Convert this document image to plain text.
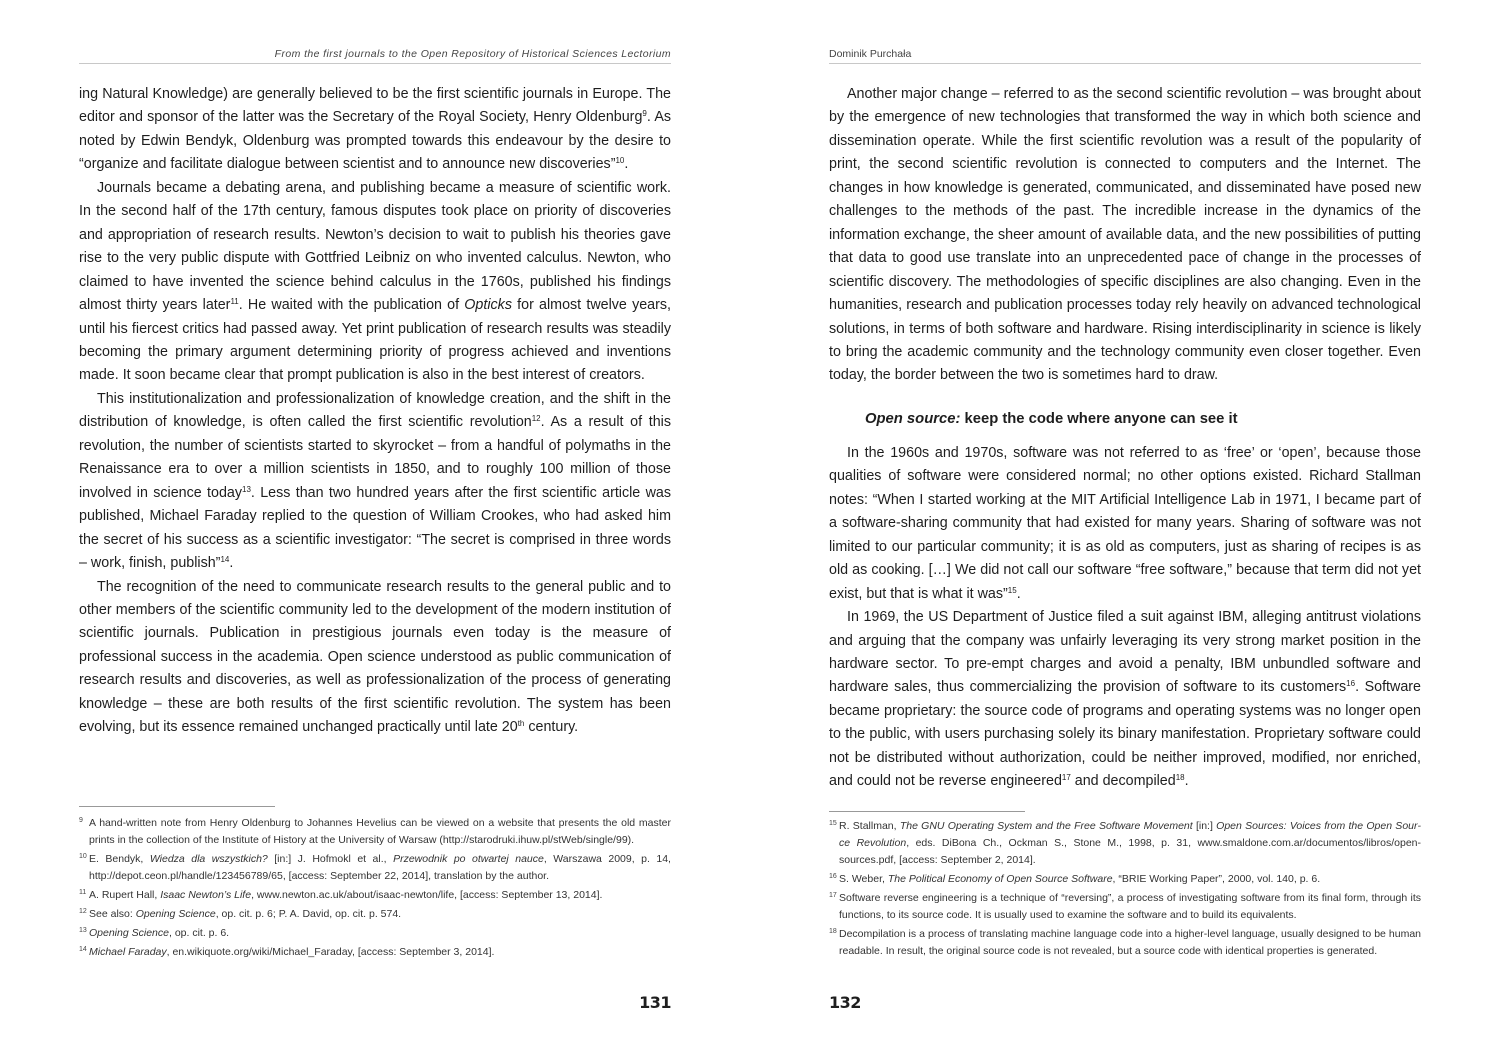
From the first journals to the Open Repository of Historical Sciences Lectorium

ing Natural Knowledge) are generally believed to be the first scientific journals in Europe. The editor and sponsor of the latter was the Secretary of the Royal Society, Henry Oldenburg$^9$. As noted by Edwin Bendyk, Oldenburg was prompted towards this endeavour by the desire to “organize and facilitate dialogue between scientist and to announce new discoveries”$^{10}$.

Journals became a debating arena, and publishing became a measure of scientific work. In the second half of the 17th century, famous disputes took place on priority of discoveries and appropriation of research results. Newton’s decision to wait to publish his theories gave rise to the very public dispute with Gottfried Leibniz on who invented calculus. Newton, who claimed to have invented the science behind calculus in the 1760s, published his findings almost thirty years later$^{11}$. He waited with the publication of Opticks for almost twelve years, until his fiercest critics had passed away. Yet print publication of research results was steadily becoming the primary argument determining priority of progress achieved and inventions made. It soon became clear that prompt publication is also in the best interest of creators.

This institutionalization and professionalization of knowledge creation, and the shift in the distribution of knowledge, is often called the first scientific revolution$^{12}$. As a result of this revolution, the number of scientists started to skyrocket – from a handful of polymaths in the Renaissance era to over a million scientists in 1850, and to roughly 100 million of those involved in science today$^{13}$. Less than two hundred years after the first scientific article was published, Michael Faraday replied to the question of William Crookes, who had asked him the secret of his success as a scientific investigator: “The secret is comprised in three words – work, finish, publish”$^{14}$.

The recognition of the need to communicate research results to the general public and to other members of the scientific community led to the development of the modern institution of scientific journals. Publication in prestigious journals even today is the measure of professional success in the academia. Open science understood as public communication of research results and discoveries, as well as professionalization of the process of generating knowledge – these are both results of the first scientific revolution. The system has been evolving, but its essence remained unchanged practically until late 20th century.

9 A hand-written note from Henry Oldenburg to Johannes Hevelius can be viewed on a website that presents the old master prints in the collection of the Institute of History at the University of Warsaw (http://starodruki.ihuw.pl/stWeb/single/99).
10 E. Bendyk, Wiedza dla wszystkich? [in:] J. Hofmokl et al., Przewodnik po otwartej nauce, Warszawa 2009, p. 14, http://depot.ceon.pl/handle/123456789/65, [access: September 22, 2014], translation by the author.
11 A. Rupert Hall, Isaac Newton’s Life, www.newton.ac.uk/about/isaac-newton/life, [access: September 13, 2014].
12 See also: Opening Science, op. cit. p. 6; P. A. David, op. cit. p. 574.
13 Opening Science, op. cit. p. 6.
14 Michael Faraday, en.wikiquote.org/wiki/Michael_Faraday, [access: September 3, 2014].
131
Dominik Purchała

Another major change – referred to as the second scientific revolution – was brought about by the emergence of new technologies that transformed the way in which both science and dissemination operate. While the first scientific revolution was a result of the popularity of print, the second scientific revolution is connected to computers and the Internet. The changes in how knowledge is generated, communicated, and disseminated have posed new challenges to the methods of the past. The incredible increase in the dynamics of the information exchange, the sheer amount of available data, and the new possibilities of putting that data to good use translate into an unprecedented pace of change in the processes of scientific discovery. The methodologies of specific disciplines are also changing. Even in the humanities, research and publication processes today rely heavily on advanced technological solutions, in terms of both software and hardware. Rising interdisciplinarity in science is likely to bring the academic community and the technology community even closer together. Even today, the border between the two is sometimes hard to draw.

Open source: keep the code where anyone can see it

In the 1960s and 1970s, software was not referred to as ‘free’ or ‘open’, because those qualities of software were considered normal; no other options existed. Richard Stallman notes: “When I started working at the MIT Artificial Intelligence Lab in 1971, I became part of a software-sharing community that had existed for many years. Sharing of software was not limited to our particular community; it is as old as computers, just as sharing of recipes is as old as cooking. […] We did not call our software “free software,” because that term did not yet exist, but that is what it was”$^{15}$.

In 1969, the US Department of Justice filed a suit against IBM, alleging antitrust violations and arguing that the company was unfairly leveraging its very strong market position in the hardware sector. To pre-empt charges and avoid a penalty, IBM unbundled software and hardware sales, thus commercializing the provision of software to its customers$^{16}$. Software became proprietary: the source code of programs and operating systems was no longer open to the public, with users purchasing solely its binary manifestation. Proprietary software could not be distributed without authorization, could be neither improved, modified, nor enriched, and could not be reverse engineered$^{17}$ and decompiled$^{18}$.

15 R. Stallman, The GNU Operating System and the Free Software Movement [in:] Open Sources: Voices from the Open Source Revolution, eds. DiBona Ch., Ockman S., Stone M., 1998, p. 31, www.smaldone.com.ar/documentos/libros/opensources.pdf, [access: September 2, 2014].
16 S. Weber, The Political Economy of Open Source Software, “BRIE Working Paper”, 2000, vol. 140, p. 6.
17 Software reverse engineering is a technique of “reversing”, a process of investigating software from its final form, through its functions, to its source code. It is usually used to examine the software and to build its equivalents.
18 Decompilation is a process of translating machine language code into a higher-level language, usually designed to be human readable. In result, the original source code is not revealed, but a source code with identical properties is generated.
132
